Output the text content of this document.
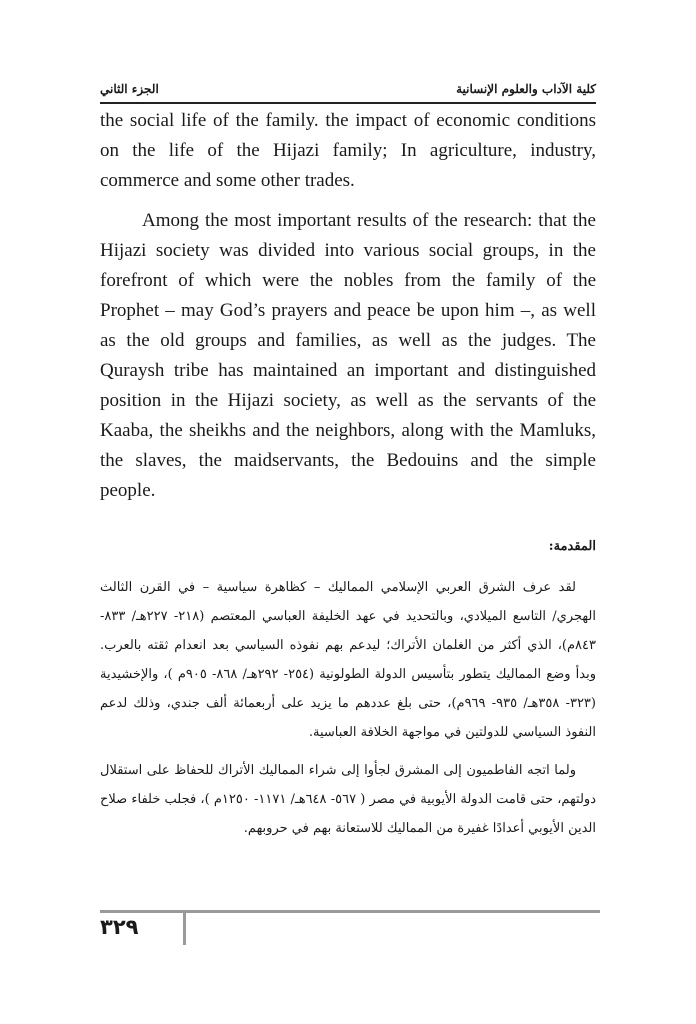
الجزء الثاني	كلية الآداب والعلوم الإنسانية

the social life of the family. the impact of economic conditions on the life of the Hijazi family; In agriculture, industry, commerce and some other trades.

Among the most important results of the research: that the Hijazi society was divided into various social groups, in the forefront of which were the nobles from the family of the Prophet – may God’s prayers and peace be upon him –, as well as the old groups and families, as well as the judges. The Quraysh tribe has maintained an important and distinguished position in the Hijazi society, as well as the servants of the Kaaba, the sheikhs and the neighbors, along with the Mamluks, the slaves, the maidservants, the Bedouins and the simple people.

المقدمة:

لقد عرف الشرق العربي الإسلامي المماليك – كظاهرة سياسية – في القرن الثالث الهجري/ التاسع الميلادي، وبالتحديد في عهد الخليفة العباسي المعتصم (٢١٨- ٢٢٧هـ/ ٨٣٣- ٨٤٣م)، الذي أكثر من الغلمان الأتراك؛ ليدعم بهم نفوذه السياسي بعد انعدام ثقته بالعرب. وبدأ وضع المماليك يتطور بتأسيس الدولة الطولونية (٢٥٤- ٢٩٢هـ/ ٨٦٨- ٩٠٥م )، والإخشيدية (٣٢٣- ٣٥٨هـ/ ٩٣٥- ٩٦٩م)، حتى بلغ عددهم ما يزيد على أربعمائة ألف جندي، وذلك لدعم النفوذ السياسي للدولتين في مواجهة الخلافة العباسية.

ولما اتجه الفاطميون إلى المشرق لجأوا إلى شراء المماليك الأتراك للحفاظ على استقلال دولتهم، حتى قامت الدولة الأيوبية في مصر ( ٥٦٧- ٦٤٨هـ/ ١١٧١- ١٢٥٠م )، فجلب خلفاء صلاح الدين الأيوبي أعدادًا غفيرة من المماليك للاستعانة بهم في حروبهم.

٣٢٩
